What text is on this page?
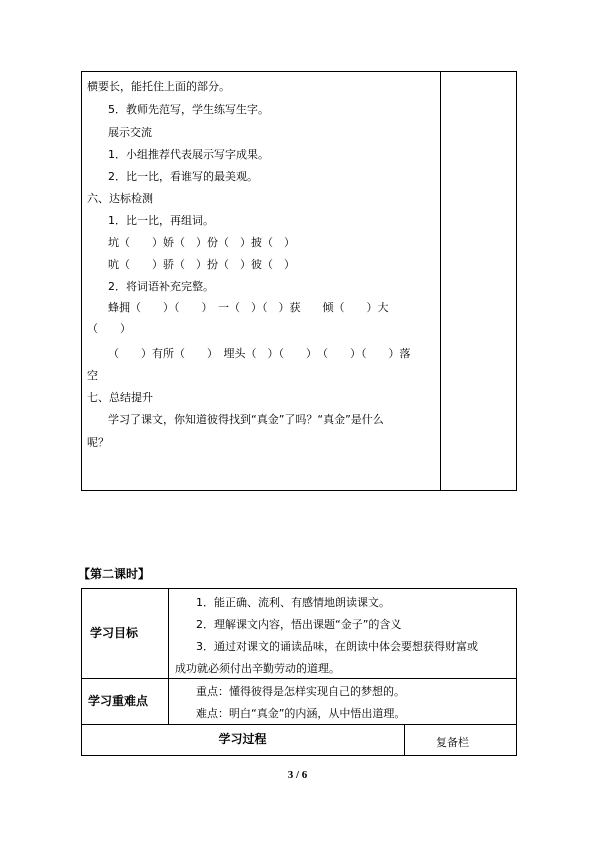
横要长，能托住上面的部分。
5．教师先范写，学生练写生字。
展示交流
1．小组推荐代表展示写字成果。
2．比一比，看谁写的最美观。
六、达标检测
1．比一比，再组词。
坑（　　）娇（　）份（　）披（　）
吭（　　）骄（　）扮（　）彼（　）
2．将词语补充完整。
蜂拥（　　）（　　）　一（　）（　）获　　倾（　　）大
（　　）
（　　）有所（　　）　埋头（　）（　　）　（　　）（　　）落
空
七、总结提升
学习了课文，你知道彼得找到“真金”了吗？“真金”是什么
呢？
【第二课时】
学习目标
1．能正确、流利、有感情地朗读课文。
2．理解课文内容，悟出课题“金子”的含义
3．通过对课文的诵读品味，在朗读中体会要想获得财富或
成功就必须付出辛勤劳动的道理。
学习重难点
重点：懂得彼得是怎样实现自己的梦想的。
难点：明白“真金”的内涵，从中悟出道理。
学习过程	复备栏
3 / 6
